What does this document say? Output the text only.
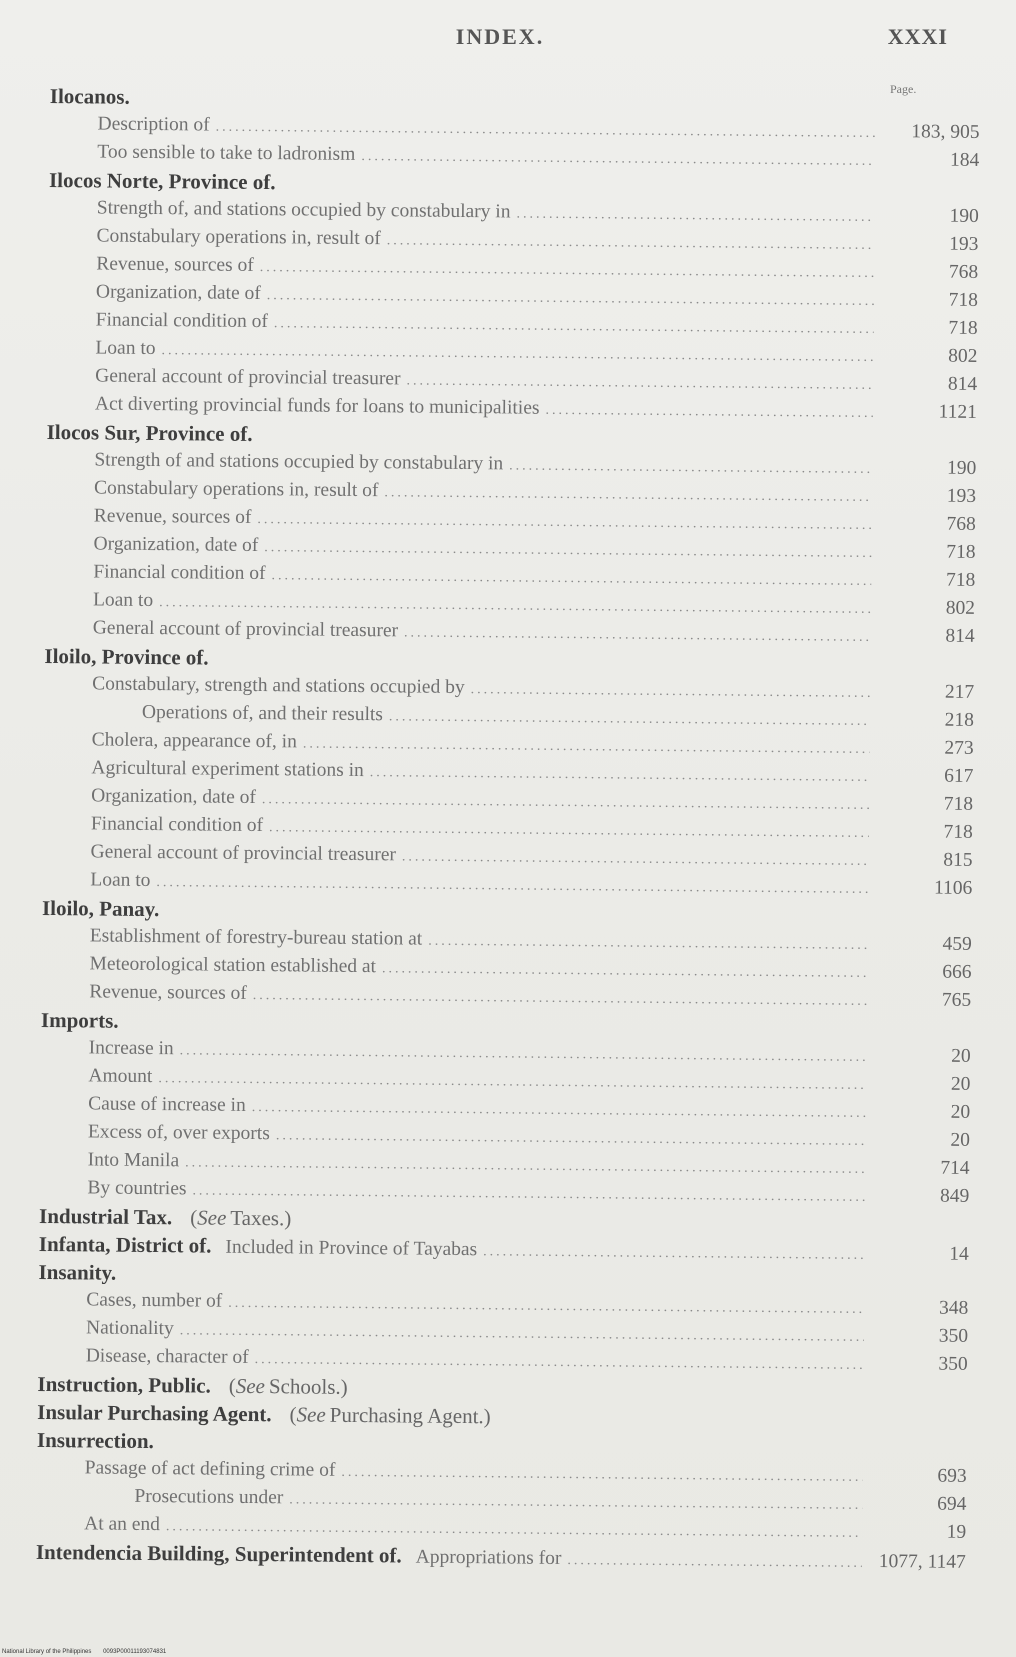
INDEX.	XXXI
Page.
Ilocanos.
Description of .....	183, 905
Too sensible to take to ladronism .....	184
Ilocos Norte, Province of.
Strength of, and stations occupied by constabulary in .....	190
Constabulary operations in, result of .....	193
Revenue, sources of .....	768
Organization, date of .....	718
Financial condition of .....	718
Loan to .....	802
General account of provincial treasurer .....	814
Act diverting provincial funds for loans to municipalities .....	1121
Ilocos Sur, Province of.
Strength of and stations occupied by constabulary in .....	190
Constabulary operations in, result of .....	193
Revenue, sources of .....	768
Organization, date of .....	718
Financial condition of .....	718
Loan to .....	802
General account of provincial treasurer .....	814
Iloilo, Province of.
Constabulary, strength and stations occupied by .....	217
Operations of, and their results .....	218
Cholera, appearance of, in .....	273
Agricultural experiment stations in .....	617
Organization, date of .....	718
Financial condition of .....	718
General account of provincial treasurer .....	815
Loan to .....	1106
Iloilo, Panay.
Establishment of forestry-bureau station at .....	459
Meteorological station established at .....	666
Revenue, sources of .....	765
Imports.
Increase in .....	20
Amount .....	20
Cause of increase in .....	20
Excess of, over exports .....	20
Into Manila .....	714
By countries .....	849
Industrial Tax. (See Taxes.)
Infanta, District of. Included in Province of Tayabas .....	14
Insanity.
Cases, number of .....	348
Nationality .....	350
Disease, character of .....	350
Instruction, Public. (See Schools.)
Insular Purchasing Agent. (See Purchasing Agent.)
Insurrection.
Passage of act defining crime of .....	693
Prosecutions under .....	694
At an end .....	19
Intendencia Building, Superintendent of. Appropriations for .....	1077, 1147
National Library of the Philippines 0093P00011193074831
